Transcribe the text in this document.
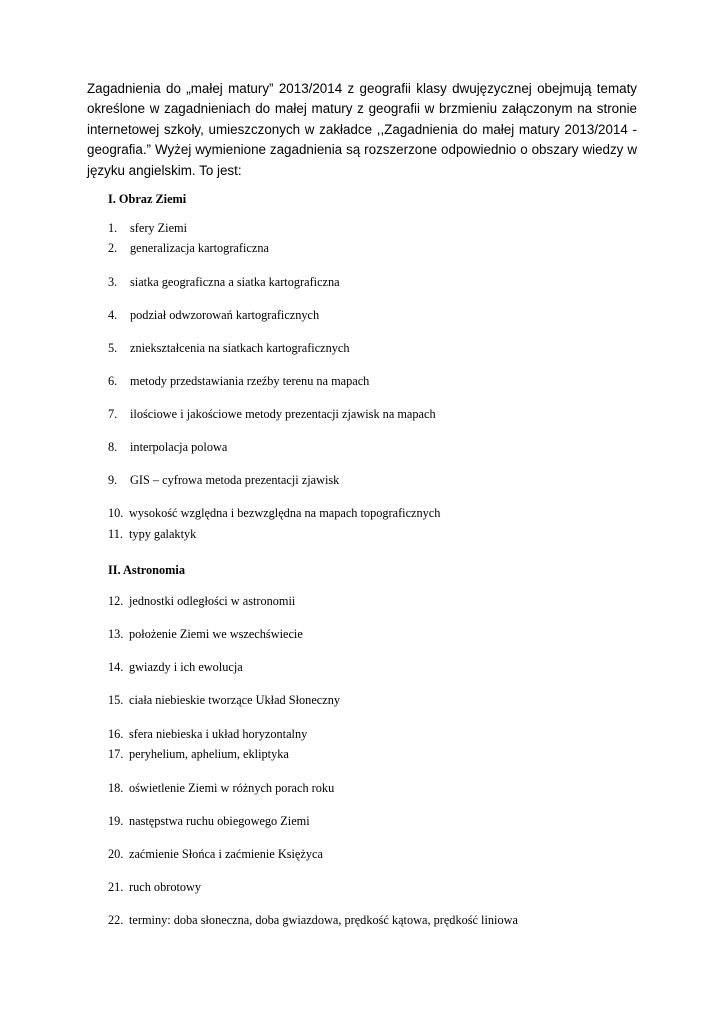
Zagadnienia do „małej matury” 2013/2014 z geografii klasy dwujęzycznej obejmują tematy określone w zagadnieniach do małej matury z geografii w brzmieniu załączonym na stronie internetowej szkoły, umieszczonych w zakładce ,,Zagadnienia do małej matury 2013/2014 - geografia.” Wyżej wymienione zagadnienia są rozszerzone odpowiednio o obszary wiedzy w języku angielskim. To jest:

I. Obraz Ziemi
1. sfery Ziemi
2. generalizacja kartograficzna
3. siatka geograficzna a siatka kartograficzna
4. podział odwzorowań kartograficznych
5. zniekształcenia na siatkach kartograficznych
6. metody przedstawiania rzeźby terenu na mapach
7. ilościowe i jakościowe metody prezentacji zjawisk na mapach
8. interpolacja polowa
9. GIS – cyfrowa metoda prezentacji zjawisk
10. wysokość względna i bezwzględna na mapach topograficznych
11. typy galaktyk
II. Astronomia
12. jednostki odległości w astronomii
13. położenie Ziemi we wszechświecie
14. gwiazdy i ich ewolucja
15. ciała niebieskie tworzące Układ Słoneczny
16. sfera niebieska i układ horyzontalny
17. peryhelium, aphelium, ekliptyka
18. oświetlenie Ziemi w różnych porach roku
19. następstwa ruchu obiegowego Ziemi
20. zaćmienie Słońca i zaćmienie Księżyca
21. ruch obrotowy
22. terminy: doba słoneczna, doba gwiazdowa, prędkość kątowa, prędkość liniowa
